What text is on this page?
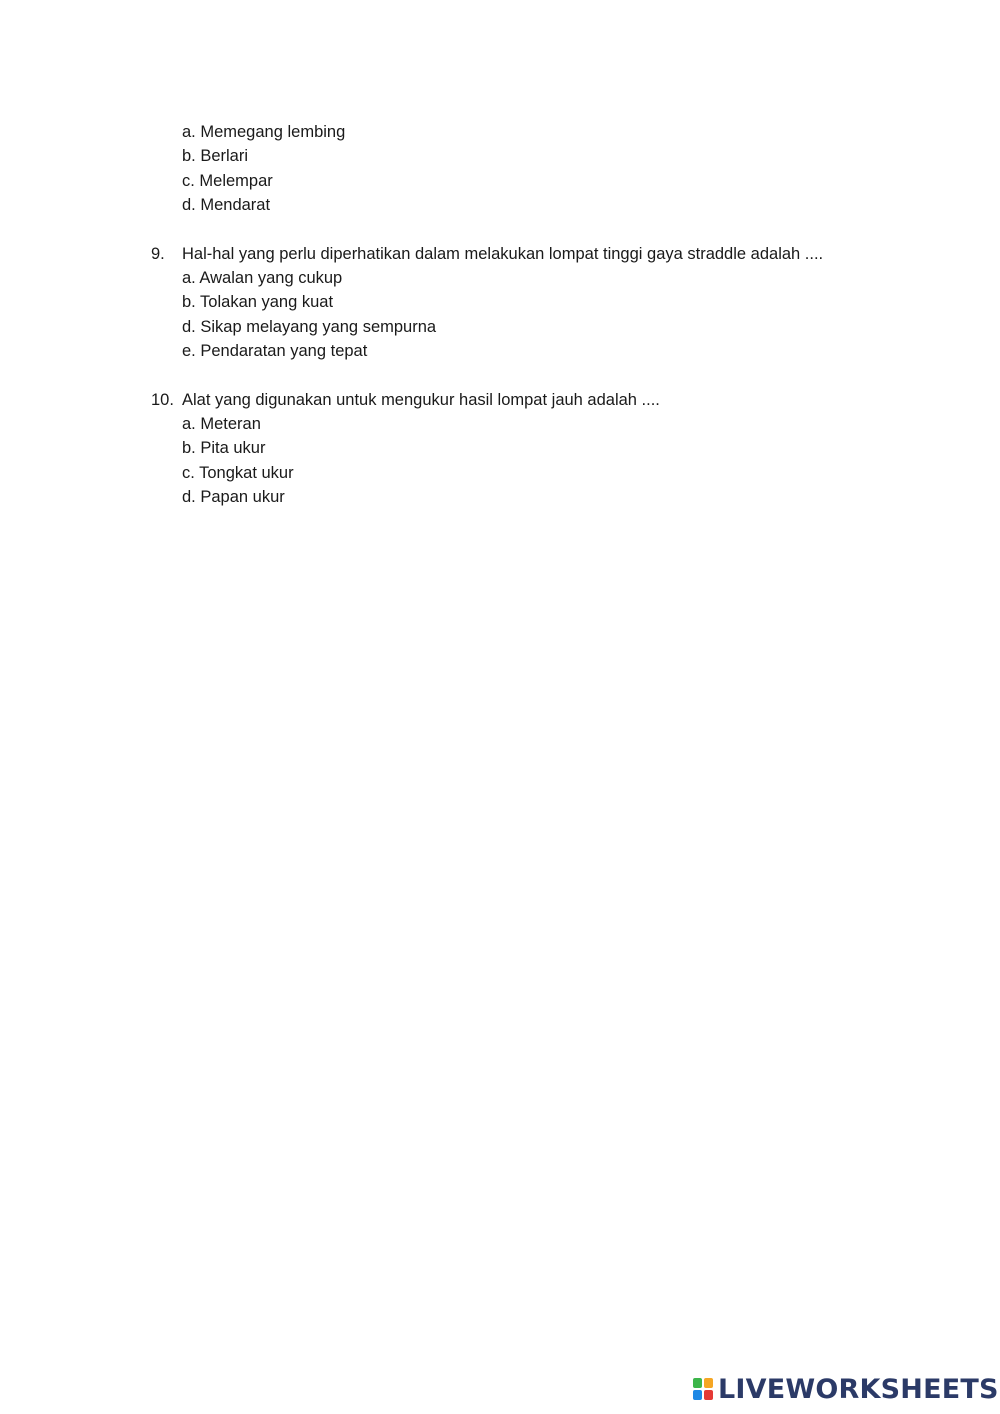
a. Memegang lembing
b. Berlari
c. Melempar
d. Mendarat
9. Hal-hal yang perlu diperhatikan dalam melakukan lompat tinggi gaya straddle adalah ....
a. Awalan yang cukup
b. Tolakan yang kuat
d. Sikap melayang yang sempurna
e. Pendaratan yang tepat
10. Alat yang digunakan untuk mengukur hasil lompat jauh adalah ....
a. Meteran
b. Pita ukur
c. Tongkat ukur
d. Papan ukur
LIVEWORKSHEETS
